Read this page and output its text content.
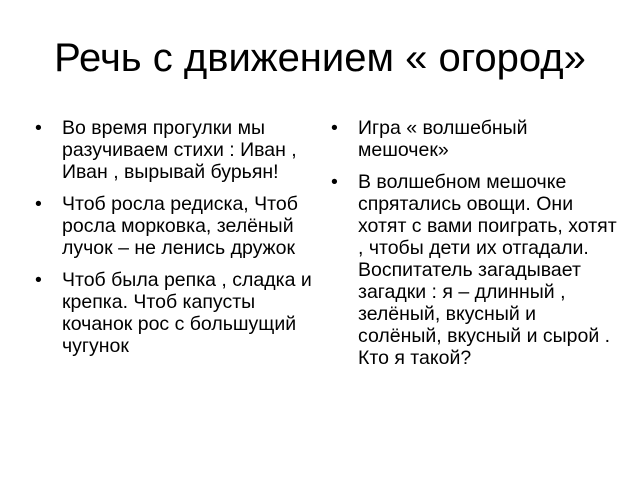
Речь с движением « огород»
• Во время прогулки мы разучиваем стихи : Иван , Иван , вырывай бурьян!
• Чтоб росла редиска, Чтоб росла морковка, зелёный лучок – не ленись дружок
• Чтоб была репка , сладка и крепка. Чтоб капусты кочанок рос с большущий чугунок
• Игра « волшебный мешочек»
• В волшебном мешочке спрятались овощи. Они хотят с вами поиграть, хотят , чтобы дети их отгадали. Воспитатель загадывает загадки : я – длинный , зелёный, вкусный и солёный, вкусный и сырой . Кто я такой?
